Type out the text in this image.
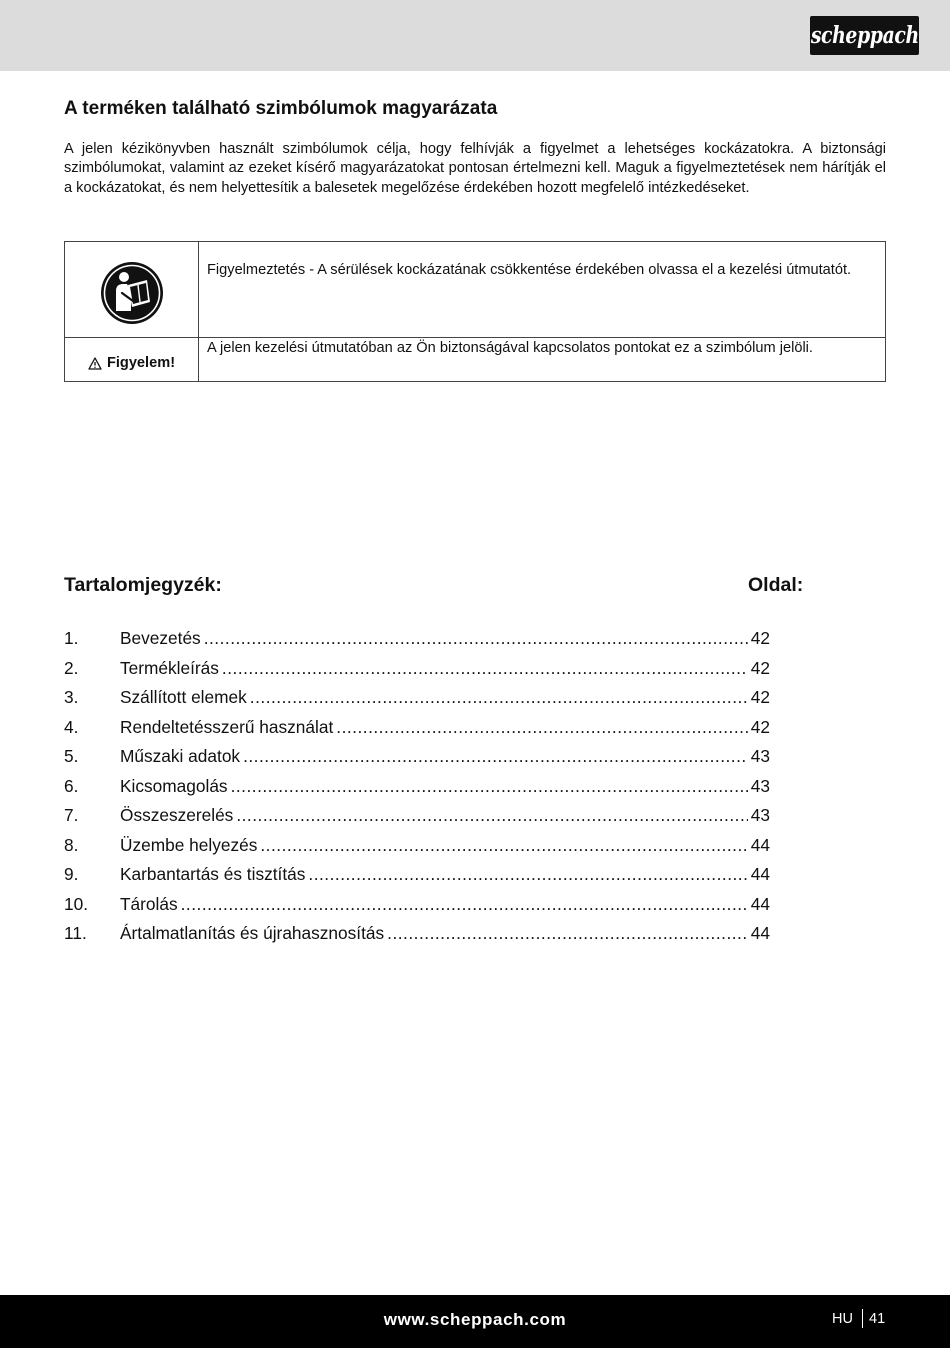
scheppach
A terméken található szimbólumok magyarázata

A jelen kézikönyvben használt szimbólumok célja, hogy felhívják a figyelmet a lehetséges kockázatokra. A biztonsági szimbólumokat, valamint az ezeket kísérő magyarázatokat pontosan értelmezni kell. Maguk a figyelmeztetések nem hárítják el a kockázatokat, és nem helyettesítik a balesetek megelőzése érdekében hozott megfelelő intézkedéseket.

	Figyelmeztetés - A sérülések kockázatának csökkentése érdekében olvassa el a kezelési útmutatót.

Figyelem!	A jelen kezelési útmutatóban az Ön biztonságával kapcsolatos pontokat ez a szimbólum jelöli.
Tartalomjegyzék:	Oldal:
1.	Bevezetés .....	42
2.	Termékleírás .....	42
3.	Szállított elemek .....	42
4.	Rendeltetésszerű használat .....	42
5.	Műszaki adatok .....	43
6.	Kicsomagolás .....	43
7.	Összeszerelés .....	43
8.	Üzembe helyezés .....	44
9.	Karbantartás és tisztítás .....	44
10.	Tárolás .....	44
11.	Ártalmatlanítás és újrahasznosítás .....	44
www.scheppach.com	HU 41
